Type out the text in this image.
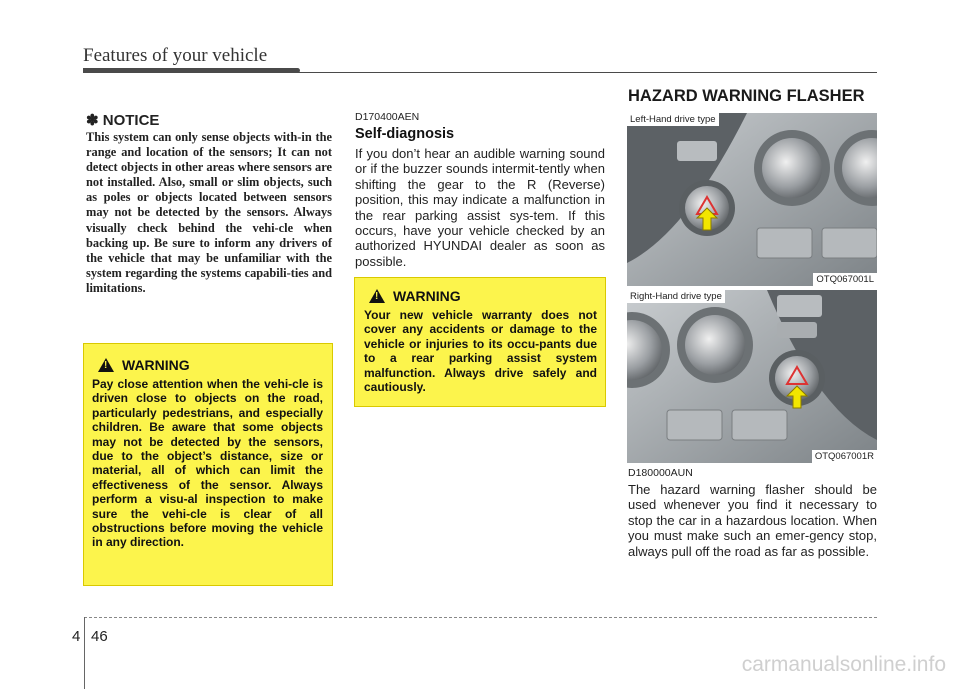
Features of your vehicle
✽ NOTICE
This system can only sense objects with-in the range and location of the sensors; It can not detect objects in other areas where sensors are not installed. Also, small or slim objects, such as poles or objects located between sensors may not be detected by the sensors. Always visually check behind the vehi-cle when backing up. Be sure to inform any drivers of the vehicle that may be unfamiliar with the system regarding the systems capabili-ties and limitations.
!
WARNING
Pay close attention when the vehi-cle is driven close to objects on the road, particularly pedestrians, and especially children. Be aware that some objects may not be detected by the sensors, due to the object’s distance, size or material, all of which can limit the effectiveness of the sensor. Always perform a visu-al inspection to make sure the vehi-cle is clear of all obstructions before moving the vehicle in any direction.
D170400AEN
Self-diagnosis
If you don’t hear an audible warning sound or if the buzzer sounds intermit-tently when shifting the gear to the R (Reverse) position, this may indicate a malfunction in the rear parking assist sys-tem. If this occurs, have your vehicle checked by an authorized HYUNDAI dealer as soon as possible.
!
WARNING
Your new vehicle warranty does not cover any accidents or damage to the vehicle or injuries to its occu-pants due to a rear parking assist system malfunction. Always drive safely and cautiously.
HAZARD WARNING FLASHER
Left-Hand drive type
OTQ067001L
Right-Hand drive type
OTQ067001R
D180000AUN
The hazard warning flasher should be used whenever you find it necessary to stop the car in a hazardous location. When you must make such an emer-gency stop, always pull off the road as far as possible.
4 46
carmanualsonline.info
